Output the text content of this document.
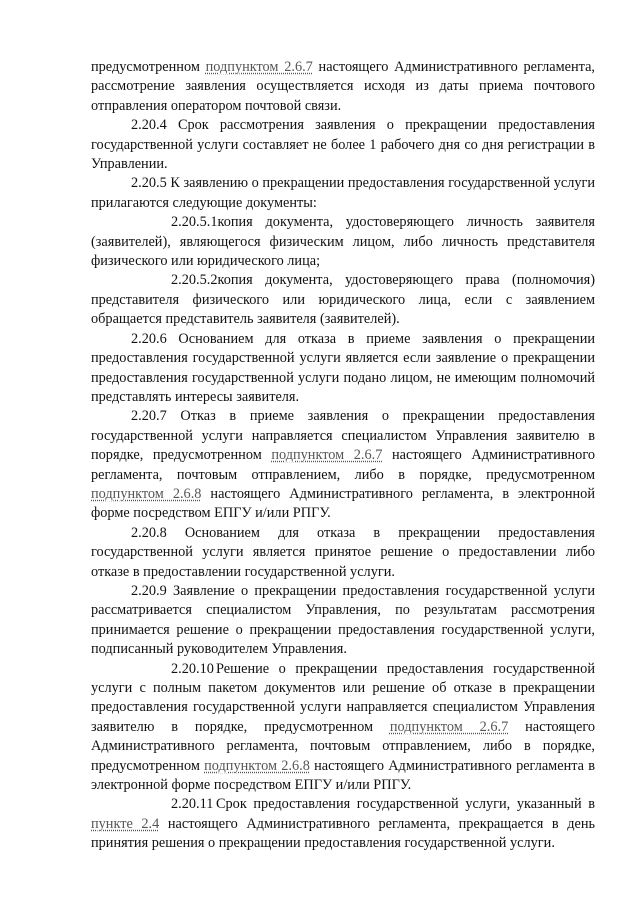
предусмотренном подпунктом 2.6.7 настоящего Административного регламента, рассмотрение заявления осуществляется исходя из даты приема почтового отправления оператором почтовой связи.

2.20.4 Срок рассмотрения заявления о прекращении предоставления государственной услуги составляет не более 1 рабочего дня со дня регистрации в Управлении.

2.20.5 К заявлению о прекращении предоставления государственной услуги прилагаются следующие документы:

2.20.5.1копия документа, удостоверяющего личность заявителя (заявителей), являющегося физическим лицом, либо личность представителя физического или юридического лица;

2.20.5.2копия документа, удостоверяющего права (полномочия) представителя физического или юридического лица, если с заявлением обращается представитель заявителя (заявителей).

2.20.6 Основанием для отказа в приеме заявления о прекращении предоставления государственной услуги является если заявление о прекращении предоставления государственной услуги подано лицом, не имеющим полномочий представлять интересы заявителя.

2.20.7 Отказ в приеме заявления о прекращении предоставления государственной услуги направляется специалистом Управления заявителю в порядке, предусмотренном подпунктом 2.6.7 настоящего Административного регламента, почтовым отправлением, либо в порядке, предусмотренном подпунктом 2.6.8 настоящего Административного регламента, в электронной форме посредством ЕПГУ и/или РПГУ.

2.20.8 Основанием для отказа в прекращении предоставления государственной услуги является принятое решение о предоставлении либо отказе в предоставлении государственной услуги.

2.20.9 Заявление о прекращении предоставления государственной услуги рассматривается специалистом Управления, по результатам рассмотрения принимается решение о прекращении предоставления государственной услуги, подписанный руководителем Управления.

2.20.10 Решение о прекращении предоставления государственной услуги с полным пакетом документов или решение об отказе в прекращении предоставления государственной услуги направляется специалистом Управления заявителю в порядке, предусмотренном подпунктом 2.6.7 настоящего Административного регламента, почтовым отправлением, либо в порядке, предусмотренном подпунктом 2.6.8 настоящего Административного регламента в электронной форме посредством ЕПГУ и/или РПГУ.

2.20.11 Срок предоставления государственной услуги, указанный в пункте 2.4 настоящего Административного регламента, прекращается в день принятия решения о прекращении предоставления государственной услуги.
